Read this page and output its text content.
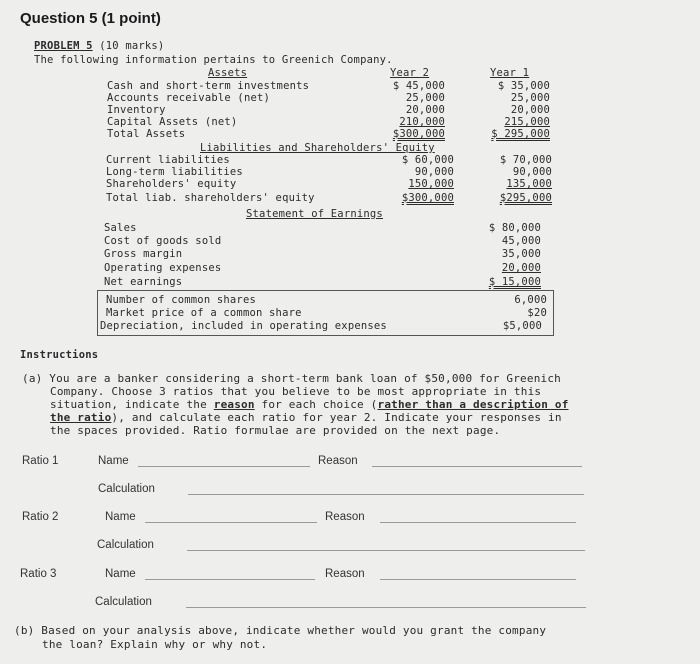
Question 5 (1 point)
PROBLEM 5 (10 marks)
The following information pertains to Greenich Company.
Assets	Year 2	Year 1
Cash and short-term investments	$ 45,000	$ 35,000
Accounts receivable (net)	25,000	25,000
Inventory	20,000	20,000
Capital Assets (net)	210,000	215,000
Total Assets	$300,000	$ 295,000
Liabilities and Shareholders' Equity
Current liabilities	$ 60,000	$ 70,000
Long-term liabilities	90,000	90,000
Shareholders' equity	150,000	135,000
Total liab. shareholders' equity	$300,000	$295,000
Statement of Earnings
Sales	$ 80,000
Cost of goods sold	45,000
Gross margin	35,000
Operating expenses	20,000
Net earnings	$ 15,000
Number of common shares	6,000
Market price of a common share	$20
Depreciation, included in operating expenses	$5,000
Instructions
(a) You are a banker considering a short-term bank loan of $50,000 for Greenich
Company. Choose 3 ratios that you believe to be most appropriate in this
situation, indicate the reason for each choice (rather than a description of
the ratio), and calculate each ratio for year 2. Indicate your responses in
the spaces provided. Ratio formulae are provided on the next page.
Ratio 1	Name	Reason
Calculation
Ratio 2	Name	Reason
Calculation
Ratio 3	Name	Reason
Calculation
(b) Based on your analysis above, indicate whether would you grant the company
the loan? Explain why or why not.
